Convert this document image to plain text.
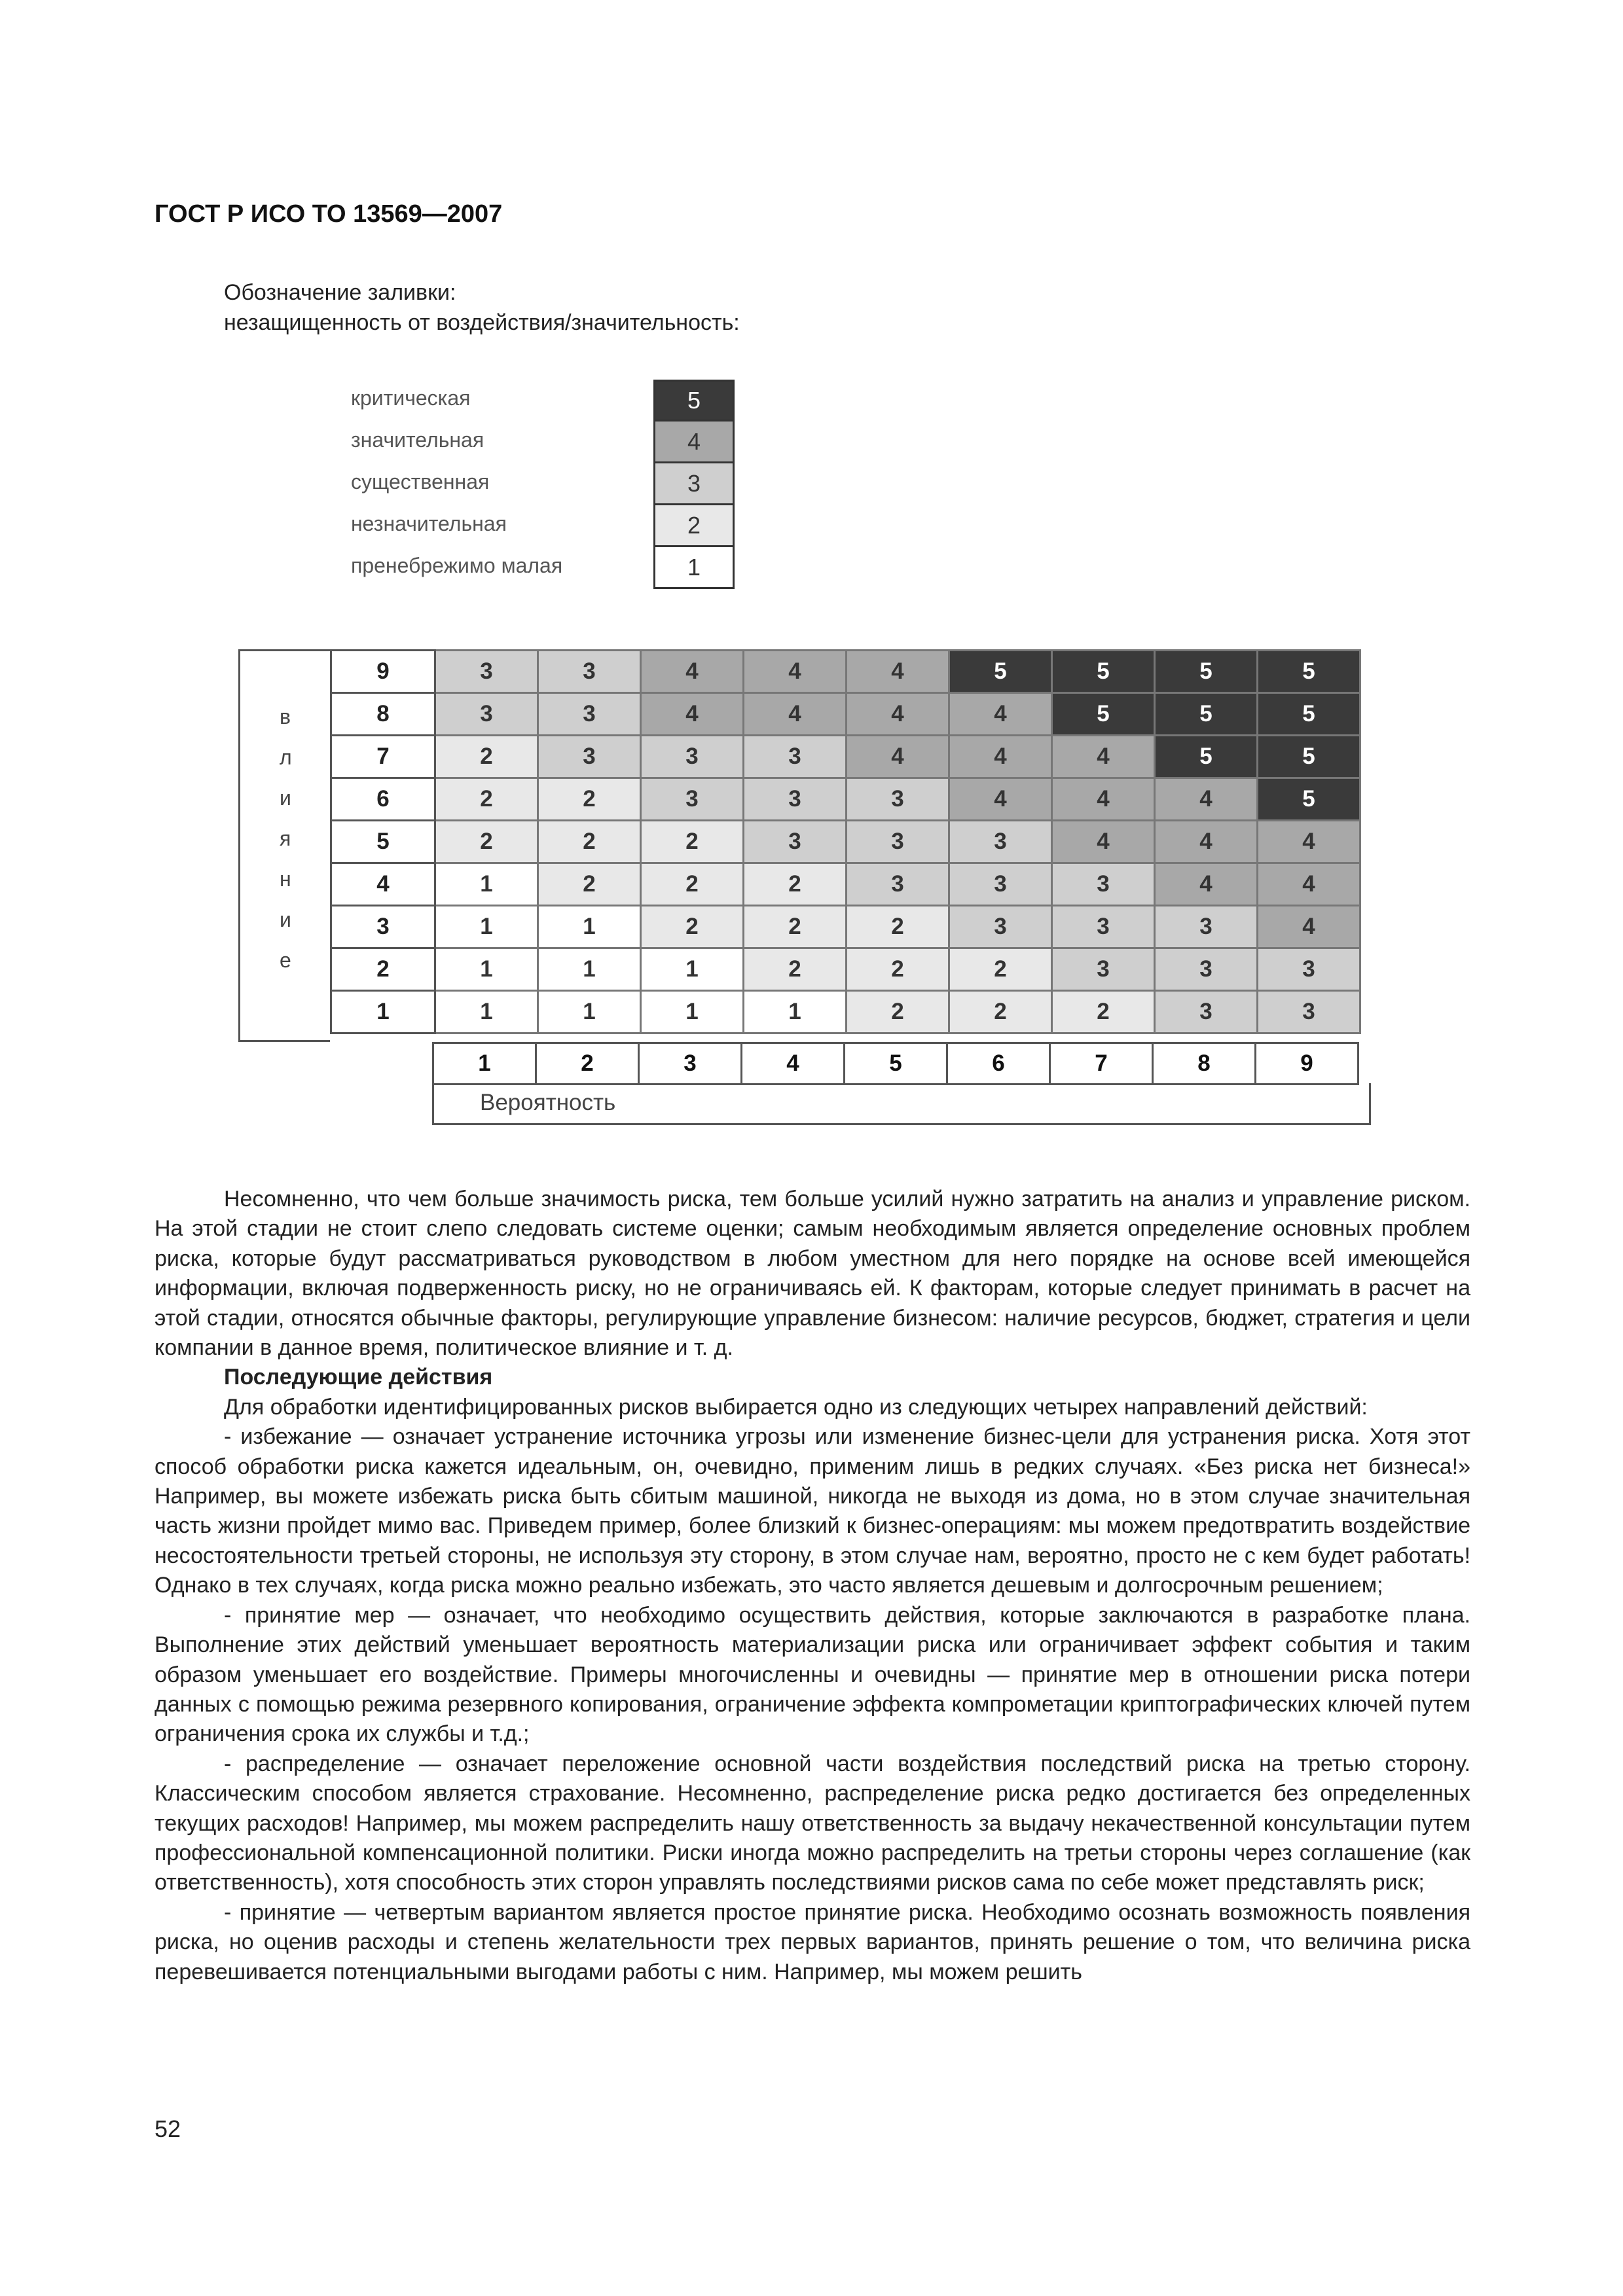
ГОСТ Р ИСО ТО 13569—2007
Обозначение заливки:
незащищенность от воздействия/значительность:
критическая	5
значительная	4
существенная	3
незначительная	2
пренебрежимо малая	1
в
л
и
я
н
и
е
9	3	3	4	4	4	5	5	5	5
8	3	3	4	4	4	4	5	5	5
7	2	3	3	3	4	4	4	5	5
6	2	2	3	3	3	4	4	4	5
5	2	2	2	3	3	3	4	4	4
4	1	2	2	2	3	3	3	4	4
3	1	1	2	2	2	3	3	3	4
2	1	1	1	2	2	2	3	3	3
1	1	1	1	1	2	2	2	3	3
1	2	3	4	5	6	7	8	9
Вероятность

Несомненно, что чем больше значимость риска, тем больше усилий нужно затратить на анализ и управление риском. На этой стадии не стоит слепо следовать системе оценки; самым необходимым является определение основных проблем риска, которые будут рассматриваться руководством в любом уместном для него порядке на основе всей имеющейся информации, включая подверженность риску, но не ограничиваясь ей. К факторам, которые следует принимать в расчет на этой стадии, относятся обычные факторы, регулирующие управление бизнесом: наличие ресурсов, бюджет, стратегия и цели компании в данное время, политическое влияние и т. д.

Последующие действия

Для обработки идентифицированных рисков выбирается одно из следующих четырех направлений действий:

- избежание — означает устранение источника угрозы или изменение бизнес-цели для устранения риска. Хотя этот способ обработки риска кажется идеальным, он, очевидно, применим лишь в редких случаях. «Без риска нет бизнеса!» Например, вы можете избежать риска быть сбитым машиной, никогда не выходя из дома, но в этом случае значительная часть жизни пройдет мимо вас. Приведем пример, более близкий к бизнес-операциям: мы можем предотвратить воздействие несостоятельности третьей стороны, не используя эту сторону, в этом случае нам, вероятно, просто не с кем будет работать! Однако в тех случаях, когда риска можно реально избежать, это часто является дешевым и долгосрочным решением;

- принятие мер — означает, что необходимо осуществить действия, которые заключаются в разработке плана. Выполнение этих действий уменьшает вероятность материализации риска или ограничивает эффект события и таким образом уменьшает его воздействие. Примеры многочисленны и очевидны — принятие мер в отношении риска потери данных с помощью режима резервного копирования, ограничение эффекта компрометации криптографических ключей путем ограничения срока их службы и т.д.;

- распределение — означает переложение основной части воздействия последствий риска на третью сторону. Классическим способом является страхование. Несомненно, распределение риска редко достигается без определенных текущих расходов! Например, мы можем распределить нашу ответственность за выдачу некачественной консультации путем профессиональной компенсационной политики. Риски иногда можно распределить на третьи стороны через соглашение (как ответственность), хотя способность этих сторон управлять последствиями рисков сама по себе может представлять риск;

- принятие — четвертым вариантом является простое принятие риска. Необходимо осознать возможность появления риска, но оценив расходы и степень желательности трех первых вариантов, принять решение о том, что величина риска перевешивается потенциальными выгодами работы с ним. Например, мы можем решить

52
